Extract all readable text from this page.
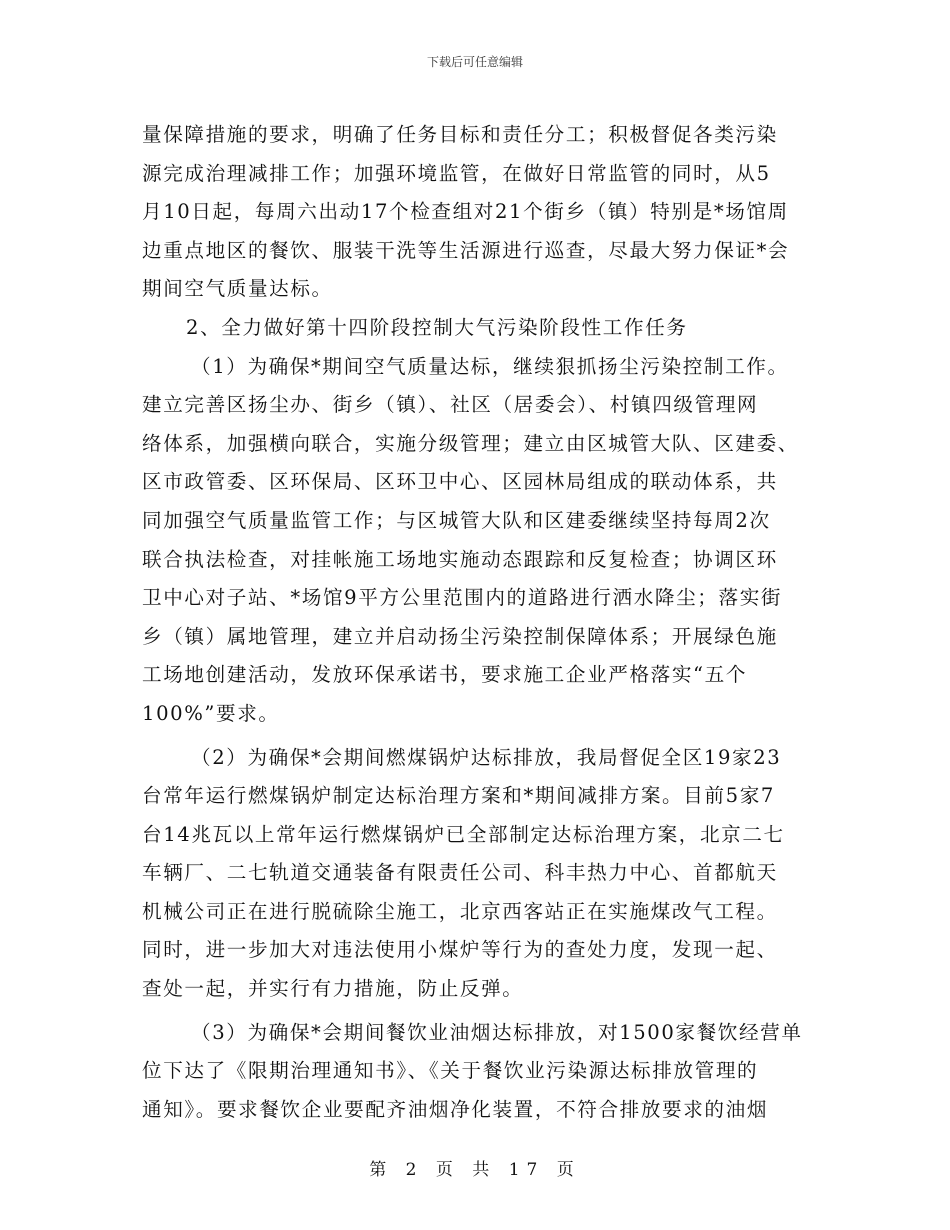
下载后可任意编辑
量保障措施的要求，明确了任务目标和责任分工；积极督促各类污染
源完成治理减排工作；加强环境监管，在做好日常监管的同时，从5
月10日起，每周六出动17个检查组对21个街乡（镇）特别是*场馆周
边重点地区的餐饮、服装干洗等生活源进行巡查，尽最大努力保证*会
期间空气质量达标。
2、全力做好第十四阶段控制大气污染阶段性工作任务
（1）为确保*期间空气质量达标，继续狠抓扬尘污染控制工作。
建立完善区扬尘办、街乡（镇）、社区（居委会）、村镇四级管理网
络体系，加强横向联合，实施分级管理；建立由区城管大队、区建委、
区市政管委、区环保局、区环卫中心、区园林局组成的联动体系，共
同加强空气质量监管工作；与区城管大队和区建委继续坚持每周2次
联合执法检查，对挂帐施工场地实施动态跟踪和反复检查；协调区环
卫中心对子站、*场馆9平方公里范围内的道路进行洒水降尘；落实街
乡（镇）属地管理，建立并启动扬尘污染控制保障体系；开展绿色施
工场地创建活动，发放环保承诺书，要求施工企业严格落实“五个
100%”要求。
（2）为确保*会期间燃煤锅炉达标排放，我局督促全区19家23
台常年运行燃煤锅炉制定达标治理方案和*期间减排方案。目前5家7
台14兆瓦以上常年运行燃煤锅炉已全部制定达标治理方案，北京二七
车辆厂、二七轨道交通装备有限责任公司、科丰热力中心、首都航天
机械公司正在进行脱硫除尘施工，北京西客站正在实施煤改气工程。
同时，进一步加大对违法使用小煤炉等行为的查处力度，发现一起、
查处一起，并实行有力措施，防止反弹。
（3）为确保*会期间餐饮业油烟达标排放，对1500家餐饮经营单
位下达了《限期治理通知书》、《关于餐饮业污染源达标排放管理的
通知》。要求餐饮企业要配齐油烟净化装置，不符合排放要求的油烟
第 2 页 共 17 页
